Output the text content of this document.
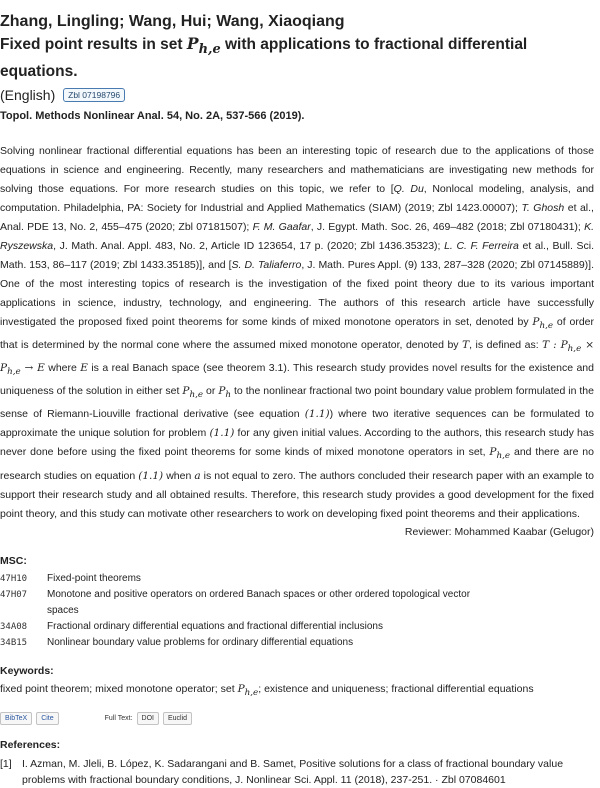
Zhang, Lingling; Wang, Hui; Wang, Xiaoqiang
Fixed point results in set $P_{h,e}$ with applications to fractional differential equations.
(English) Zbl 07198796
Topol. Methods Nonlinear Anal. 54, No. 2A, 537-566 (2019).
Solving nonlinear fractional differential equations has been an interesting topic of research due to the applications of those equations in science and engineering. Recently, many researchers and mathematicians are investigating new methods for solving those equations. For more research studies on this topic, we refer to [Q. Du, Nonlocal modeling, analysis, and computation. Philadelphia, PA: Society for Industrial and Applied Mathematics (SIAM) (2019; Zbl 1423.00007); T. Ghosh et al., Anal. PDE 13, No. 2, 455–475 (2020; Zbl 07181507); F. M. Gaafar, J. Egypt. Math. Soc. 26, 469–482 (2018; Zbl 07180431); K. Ryszewska, J. Math. Anal. Appl. 483, No. 2, Article ID 123654, 17 p. (2020; Zbl 1436.35323); L. C. F. Ferreira et al., Bull. Sci. Math. 153, 86–117 (2019; Zbl 1433.35185)], and [S. D. Taliaferro, J. Math. Pures Appl. (9) 133, 287–328 (2020; Zbl 07145889)]. One of the most interesting topics of research is the investigation of the fixed point theory due to its various important applications in science, industry, technology, and engineering. The authors of this research article have successfully investigated the proposed fixed point theorems for some kinds of mixed monotone operators in set, denoted by $P_{h,e}$ of order that is determined by the normal cone where the assumed mixed monotone operator, denoted by T, is defined as: T : $P_{h,e} \times P_{h,e} \to E$ where E is a real Banach space (see theorem 3.1). This research study provides novel results for the existence and uniqueness of the solution in either set $P_{h,e}$ or $P_h$ to the nonlinear fractional two point boundary value problem formulated in the sense of Riemann-Liouville fractional derivative (see equation (1.1)) where two iterative sequences can be formulated to approximate the unique solution for problem (1.1) for any given initial values. According to the authors, this research study has never done before using the fixed point theorems for some kinds of mixed monotone operators in set, $P_{h,e}$ and there are no research studies on equation (1.1) when a is not equal to zero. The authors concluded their research paper with an example to support their research study and all obtained results. Therefore, this research study provides a good development for the fixed point theory, and this study can motivate other researchers to work on developing fixed point theorems and their applications.
Reviewer: Mohammed Kaabar (Gelugor)
MSC:
47H10	Fixed-point theorems
47H07	Monotone and positive operators on ordered Banach spaces or other ordered topological vector spaces
34A08	Fractional ordinary differential equations and fractional differential inclusions
34B15	Nonlinear boundary value problems for ordinary differential equations
Keywords:
fixed point theorem; mixed monotone operator; set $P_{h,e}$; existence and uniqueness; fractional differential equations
BibTeX	Cite	Full Text:	DOI	Euclid
References:
[1] I. Azman, M. Jleli, B. López, K. Sadarangani and B. Samet, Positive solutions for a class of fractional boundary value problems with fractional boundary conditions, J. Nonlinear Sci. Appl. 11 (2018), 237-251. · Zbl 07084601
